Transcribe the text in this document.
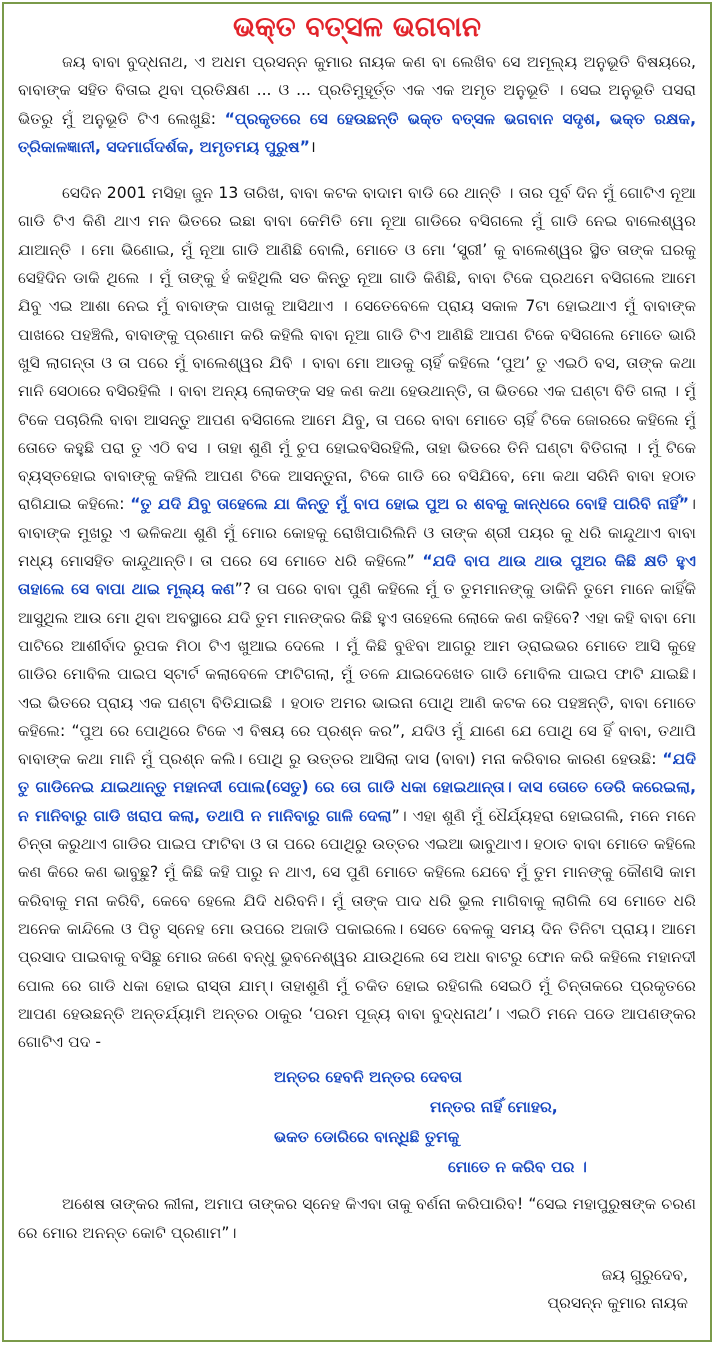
ଭକ୍ତ ବତ୍ସଳ ଭଗବାନ

ଜୟ ବାବା ବୁଦ୍ଧନାଥ, ଏ ଅଧମ ପ୍ରସନ୍ନ କୁମାର ନାୟକ କଣ ବା ଲେଖିବ ସେ ଅମୂଲ୍ୟ ଅନୁଭୂତି ବିଷୟରେ, ବାବାଙ୍କ ସହିତ ବିତାଇ ଥିବା ପ୍ରତିକ୍ଷଣ ... ଓ ... ପ୍ରତିମୁହୂର୍ତ୍ତ ଏକ ଏକ ଅମୃତ ଅନୁଭୂତି । ସେଇ ଅନୁଭୂତି ପସରା ଭିତରୁ ମୁଁ ଅନୁଭୂତି ଟିଏ ଲେଖୁଛି: “ପ୍ରକୃତରେ ସେ ହେଉଛନ୍ତି ଭକ୍ତ ବତ୍ସଳ ଭଗବାନ ସଦୃଶ, ଭକ୍ତ ରକ୍ଷକ, ତ୍ରିକାଳଜ୍ଞାନୀ, ସଦମାର୍ଗଦର୍ଶକ, ଅମୃତମୟ ପୁରୁଷ”।

ସେଦିନ 2001 ମସିହା ଜୁନ 13 ତାରିଖ, ବାବା କଟକ ବାଦାମ ବାଡି ରେ ଥାନ୍ତି । ତାର ପୂର୍ବ ଦିନ ମୁଁ ଗୋଟିଏ ନୂଆ ଗାଡି ଟିଏ କିଣି ଥାଏ ମନ ଭିତରେ ଇଛା ବାବା କେମିତି ମୋ ନୂଆ ଗାଡିରେ ବସିଗଲେ ମୁଁ ଗାଡି ନେଇ ବାଲେଶ୍ୱର ଯାଆନ୍ତି । ମୋ ଭିଣୋଇ, ମୁଁ ନୂଆ ଗାଡି ଆଣିଛି ବୋଲି, ମୋତେ ଓ ମୋ ‘ସ୍ତ୍ରୀ’ କୁ ବାଲେଶ୍ୱର ସ୍ଥିତ ତାଙ୍କ ଘରକୁ ସେହିଦିନ ଡାକି ଥିଲେ । ମୁଁ ତାଙ୍କୁ ହଁ କହିଥିଲି ସତ କିନ୍ତୁ ନୂଆ ଗାଡି କିଣିଛି, ବାବା ଟିକେ ପ୍ରଥମେ ବସିଗଲେ ଆମେ ଯିବୁ ଏଇ ଆଶା ନେଇ ମୁଁ ବାବାଙ୍କ ପାଖକୁ ଆସିଥାଏ । ସେତେବେଳେ ପ୍ରାୟ ସକାଳ 7ଟା ହୋଇଥାଏ ମୁଁ ବାବାଙ୍କ ପାଖରେ ପହଞ୍ଚିଲି, ବାବାଙ୍କୁ ପ୍ରଣାମ କରି କହିଲି ବାବା ନୂଆ ଗାଡି ଟିଏ ଆଣିଛି ଆପଣ ଟିକେ ବସିଗଲେ ମୋତେ ଭାରି ଖୁସି ଲାଗନ୍ତା ଓ ତା ପରେ ମୁଁ ବାଲେଶ୍ୱର ଯିବି । ବାବା ମୋ ଆଡକୁ ଚାହିଁ କହିଲେ ‘ପୁଅ’ ତୁ ଏଇଠି ବସ, ତାଙ୍କ କଥା ମାନି ସେଠାରେ ବସିରହିଲି । ବାବା ଅନ୍ୟ ଲୋକଙ୍କ ସହ କଣ କଥା ହେଉଥାନ୍ତି, ତା ଭିତରେ ଏକ ଘଣ୍ଟା ବିତି ଗଲା । ମୁଁ ଟିକେ ପଚାରିଲି ବାବା ଆସନ୍ତୁ ଆପଣ ବସିଗଲେ ଆମେ ଯିବୁ, ତା ପରେ ବାବା ମୋତେ ଚାହିଁ ଟିକେ ଜୋରରେ କହିଲେ ମୁଁ ତୋତେ କହୁଛି ପରା ତୁ ଏଠି ବସ । ତାହା ଶୁଣି ମୁଁ ଚୁପ ହୋଇବସିରହିଲି, ତାହା ଭିତରେ ତିନି ଘଣ୍ଟା ବିତିଗଲା । ମୁଁ ଟିକେ ବ୍ୟସ୍ତହୋଇ ବାବାଙ୍କୁ କହିଲି ଆପଣ ଟିକେ ଆସନ୍ତୁନା, ଟିକେ ଗାଡି ରେ ବସିଯିବେ, ମୋ କଥା ସରିନି ବାବା ହଠାତ ରାଗିଯାଇ କହିଲେ: “ତୁ ଯଦି ଯିବୁ ତାହେଲେ ଯା କିନ୍ତୁ ମୁଁ ବାପ ହୋଇ ପୁଅ ର ଶବକୁ କାନ୍ଧରେ ବୋହି ପାରିବି ନାହିଁ”। ବାବାଙ୍କ ମୁଖରୁ ଏ ଭଳିକଥା ଶୁଣି ମୁଁ ମୋର କୋହକୁ ରୋଖିପାରିଲିନି ଓ ତାଙ୍କ ଶ୍ରୀ ପୟର କୁ ଧରି କାନ୍ଦୁଥାଏ ବାବା ମଧ୍ୟ ମୋସହିତ କାନ୍ଦୁଥାନ୍ତି। ତା ପରେ ସେ ମୋତେ ଧରି କହିଲେ” “ଯଦି ବାପ ଥାଉ ଥାଉ ପୁଅର କିଛି କ୍ଷତି ହୁଏ ତାହାଲେ ସେ ବାପା ଥାଇ ମୂଲ୍ୟ କଣ”? ତା ପରେ ବାବା ପୁଣି କହିଲେ ମୁଁ ତ ତୁମମାନଙ୍କୁ ଡାକିନି ତୁମେ ମାନେ କାହିଁକି ଆସୁଥିଲ ଆଉ ମୋ ଥିବା ଅବସ୍ଥାରେ ଯଦି ତୁମ ମାନଙ୍କର କିଛି ହୁଏ ତାହେଲେ ଲୋକେ କଣ କହିବେ? ଏହା କହି ବାବା ମୋ ପାଟିରେ ଆଶୀର୍ବାଦ ରୁପକ ମିଠା ଟିଏ ଖୁଆଇ ଦେଲେ । ମୁଁ କିଛି ବୁଝିବା ଆଗରୁ ଆମ ଡ୍ରାଇଭର ମୋତେ ଆସି କୁହେ ଗାଡିର ମୋବିଲ ପାଇପ ସ୍ଟାର୍ଟ କଲାବେଳେ ଫାଟିଗଲା, ମୁଁ ତଳେ ଯାଇଦେଖେତ ଗାଡି ମୋବିଲ ପାଇପ ଫାଟି ଯାଇଛି। ଏଇ ଭିତରେ ପ୍ରାୟ ଏକ ଘଣ୍ଟା ବିତିଯାଇଛି । ହଠାତ ଅମର ଭାଇନା ପୋଥି ଆଣି କଟକ ରେ ପହଞ୍ଚନ୍ତି, ବାବା ମୋତେ କହିଲେ: “ପୁଅ ରେ ପୋଥିରେ ଟିକେ ଏ ବିଷୟ ରେ ପ୍ରଶ୍ନ କର”, ଯଦିଓ ମୁଁ ଯାଣେ ଯେ ପୋଥି ସେ ହିଁ ବାବା, ତଥାପି ବାବାଙ୍କ କଥା ମାନି ମୁଁ ପ୍ରଶ୍ନ କଲି। ପୋଥି ରୁ ଉତ୍ତର ଆସିଲା ଦାସ (ବାବା) ମନା କରିବାର କାରଣ ହେଉଛି: “ଯଦି ତୁ ଗାଡିନେଇ ଯାଇଥାନ୍ତୁ ମହାନଦୀ ପୋଲ(ସେତୁ) ରେ ତୋ ଗାଡି ଧକା ହୋଇଥାନ୍ତା। ଦାସ ତୋତେ ଡେରି କରେଇଲା, ନ ମାନିବାରୁ ଗାଡି ଖରାପ କଲା, ତଥାପି ନ ମାନିବାରୁ ଗାଳି ଦେଲା”। ଏହା ଶୁଣି ମୁଁ ଧୈର୍ଯ୍ୟହରା ହୋଇଗଲି, ମନେ ମନେ ଚିନ୍ତା କରୁଥାଏ ଗାଡିର ପାଇପ ଫାଟିବା ଓ ତା ପରେ ପୋଥିରୁ ଉତ୍ତର ଏଇଆ ଭାବୁଥାଏ। ହଠାତ ବାବା ମୋତେ କହିଲେ କଣ କିରେ କଣ ଭାବୁଛୁ? ମୁଁ କିଛି କହି ପାରୁ ନ ଥାଏ, ସେ ପୁଣି ମୋତେ କହିଲେ ଯେବେ ମୁଁ ତୁମ ମାନଙ୍କୁ କୌଣସି କାମ କରିବାକୁ ମନା କରିବି, କେବେ ହେଲେ ଯିଦି ଧରିବନି। ମୁଁ ତାଙ୍କ ପାଦ ଧରି ଭୁଲ ମାଗିବାକୁ ଲାଗିଲି ସେ ମୋତେ ଧରି ଅନେକ କାନ୍ଦିଲେ ଓ ପିତୃ ସ୍ନେହ ମୋ ଉପରେ ଅଜାଡି ପକାଇଲେ। ସେତେ ବେଳକୁ ସମୟ ଦିନ ତିନିଟା ପ୍ରାୟ। ଆମେ ପ୍ରସାଦ ପାଇବାକୁ ବସିଛୁ ମୋର ଜଣେ ବନ୍ଧୁ ଭୁବନେଶ୍ୱର ଯାଉଥିଲେ ସେ ଅଧା ବାଟରୁ ଫୋନ କରି କହିଲେ ମହାନଦୀ ପୋଲ ରେ ଗାଡି ଧକା ହୋଇ ରାସ୍ତା ଯାମ୍। ତାହାଶୁଣି ମୁଁ ଚକିତ ହୋଇ ରହିଗଲି ସେଇଠି ମୁଁ ଚିନ୍ତାକରେ ପ୍ରକୃତରେ ଆପଣ ହେଉଛନ୍ତି ଅନ୍ତର୍ଯ୍ୟାମି ଅନ୍ତର ଠାକୁର ‘ପରମ ପୂଜ୍ୟ ବାବା ବୁଦ୍ଧନାଥ’। ଏଇଠି ମନେ ପଡେ ଆପଣଙ୍କର ଗୋଟିଏ ପଦ -

ଅନ୍ତର ହେବନି ଅନ୍ତର ଦେବତା
ମନ୍ତର ନାହିଁ ମୋହର,
ଭକତ ଡୋରିରେ ବାନ୍ଧିଛି ତୁମକୁ
ମୋତେ ନ କରିବ ପର ।

ଅଶେଷ ତାଙ୍କର ଲୀଳା, ଅମାପ ତାଙ୍କର ସ୍ନେହ କିଏବା ତାକୁ ବର୍ଣନା କରିପାରିବ! “ସେଇ ମହାପୁରୁଷଙ୍କ ଚରଣ ରେ ମୋର ଅନନ୍ତ କୋଟି ପ୍ରଣାମ”।

ଜୟ ଗୁରୁଦେବ,
ପ୍ରସନ୍ନ କୁମାର ନାୟକ
